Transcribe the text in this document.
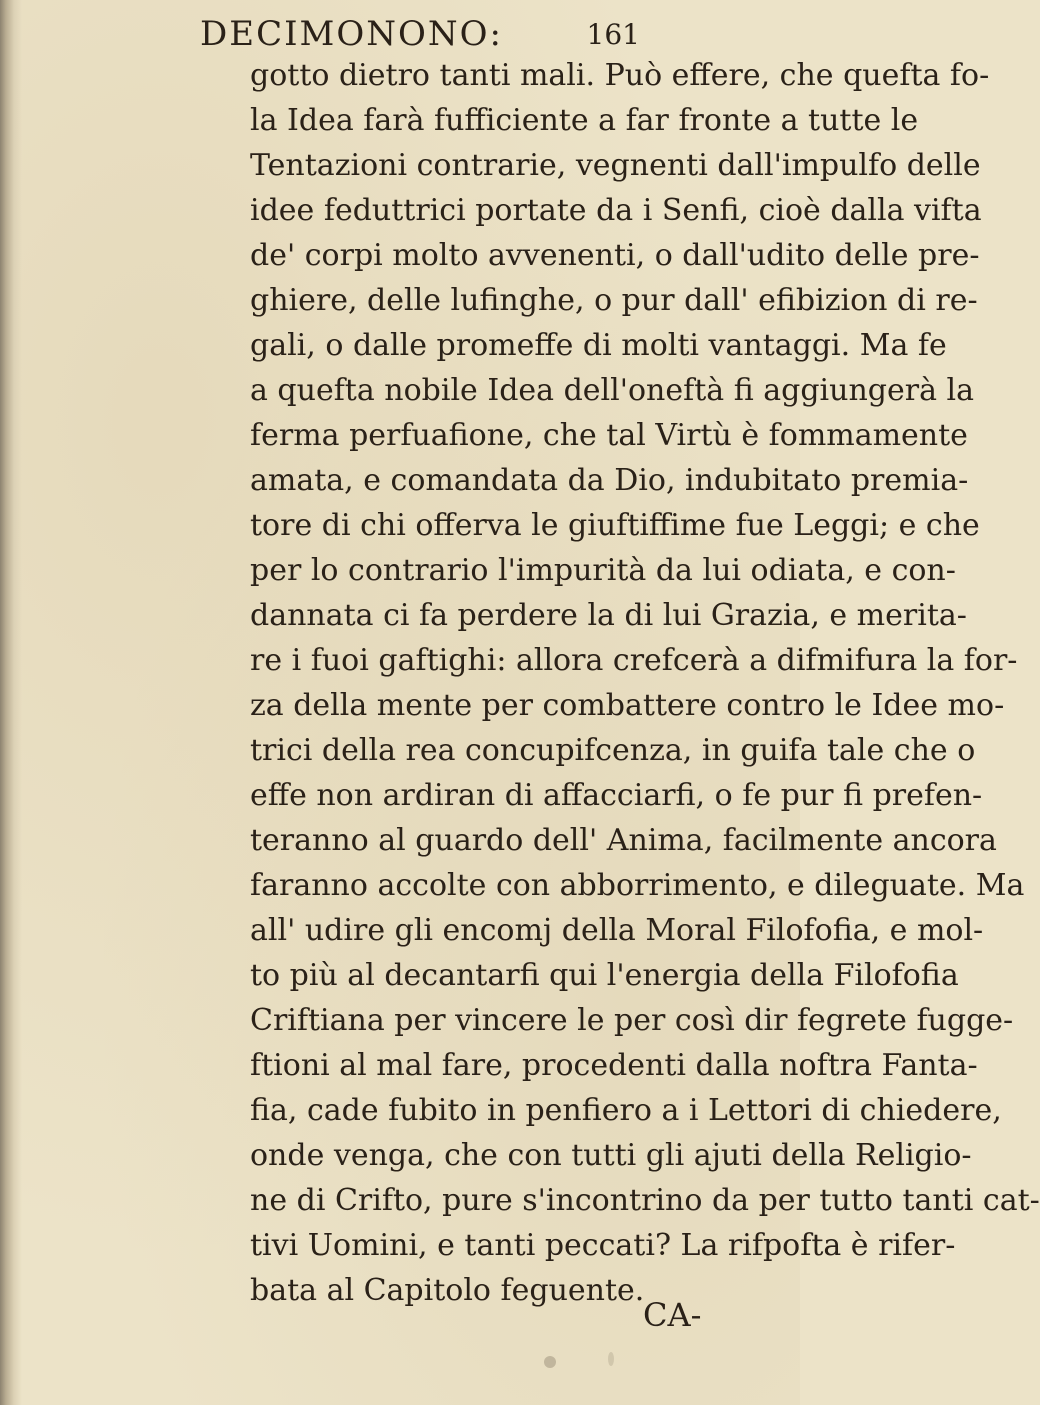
DECIMONONO:	161
gotto dietro tanti mali. Può effere, che quefta fo-
la Idea farà fufficiente a far fronte a tutte le
Tentazioni contrarie, vegnenti dall'impulfo delle
idee feduttrici portate da i Senfi, cioè dalla vifta
de' corpi molto avvenenti, o dall'udito delle pre-
ghiere, delle lufinghe, o pur dall' efibizion di re-
gali, o dalle promeffe di molti vantaggi. Ma fe
a quefta nobile Idea dell'oneftà fi aggiungerà la
ferma perfuafione, che tal Virtù è fommamente
amata, e comandata da Dio, indubitato premia-
tore di chi offerva le giuftiffime fue Leggi; e che
per lo contrario l'impurità da lui odiata, e con-
dannata ci fa perdere la di lui Grazia, e merita-
re i fuoi gaftighi: allora crefcerà a difmifura la for-
za della mente per combattere contro le Idee mo-
trici della rea concupifcenza, in guifa tale che o
effe non ardiran di affacciarfi, o fe pur fi prefen-
teranno al guardo dell' Anima, facilmente ancora
faranno accolte con abborrimento, e dileguate. Ma
all' udire gli encomj della Moral Filofofia, e mol-
to più al decantarfi qui l'energia della Filofofia
Criftiana per vincere le per così dir fegrete fugge-
ftioni al mal fare, procedenti dalla noftra Fanta-
fia, cade fubito in penfiero a i Lettori di chiedere,
onde venga, che con tutti gli ajuti della Religio-
ne di Crifto, pure s'incontrino da per tutto tanti cat-
tivi Uomini, e tanti peccati? La rifpofta è rifer-
bata al Capitolo feguente.
CA-
